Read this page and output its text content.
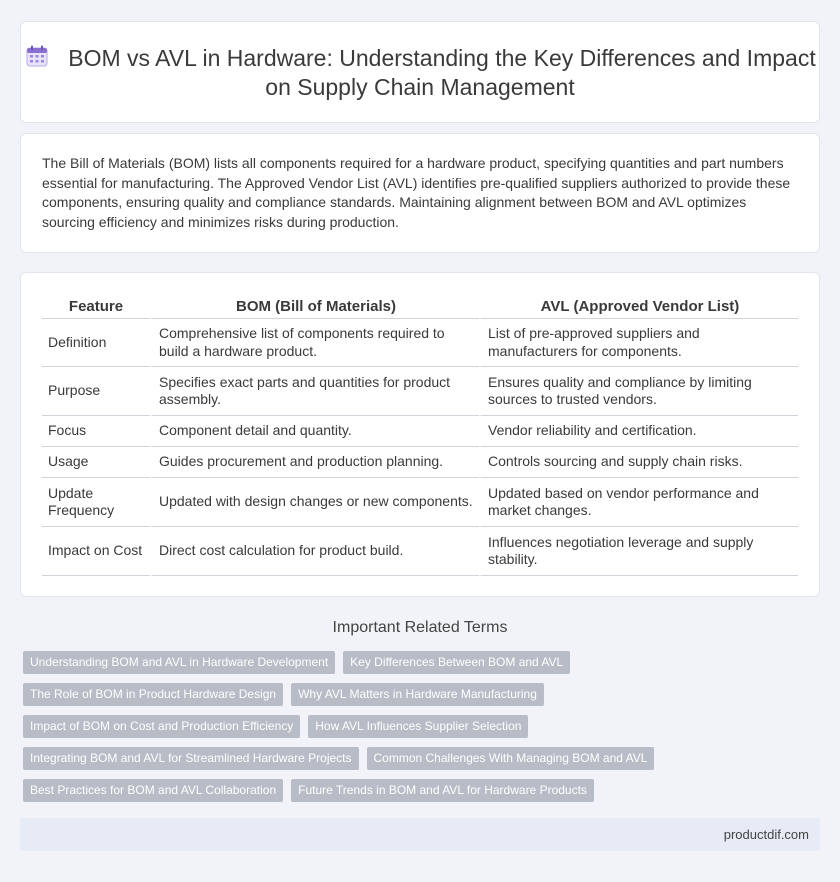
BOM vs AVL in Hardware: Understanding the Key Differences and Impact on Supply Chain Management

The Bill of Materials (BOM) lists all components required for a hardware product, specifying quantities and part numbers essential for manufacturing. The Approved Vendor List (AVL) identifies pre-qualified suppliers authorized to provide these components, ensuring quality and compliance standards. Maintaining alignment between BOM and AVL optimizes sourcing efficiency and minimizes risks during production.

Feature	BOM (Bill of Materials)	AVL (Approved Vendor List)
Definition	Comprehensive list of components required to build a hardware product.	List of pre-approved suppliers and manufacturers for components.
Purpose	Specifies exact parts and quantities for product assembly.	Ensures quality and compliance by limiting sources to trusted vendors.
Focus	Component detail and quantity.	Vendor reliability and certification.
Usage	Guides procurement and production planning.	Controls sourcing and supply chain risks.
Update Frequency	Updated with design changes or new components.	Updated based on vendor performance and market changes.
Impact on Cost	Direct cost calculation for product build.	Influences negotiation leverage and supply stability.
Important Related Terms
Understanding BOM and AVL in Hardware Development	Key Differences Between BOM and AVL
The Role of BOM in Product Hardware Design	Why AVL Matters in Hardware Manufacturing
Impact of BOM on Cost and Production Efficiency	How AVL Influences Supplier Selection
Integrating BOM and AVL for Streamlined Hardware Projects	Common Challenges With Managing BOM and AVL
Best Practices for BOM and AVL Collaboration	Future Trends in BOM and AVL for Hardware Products
productdif.com
